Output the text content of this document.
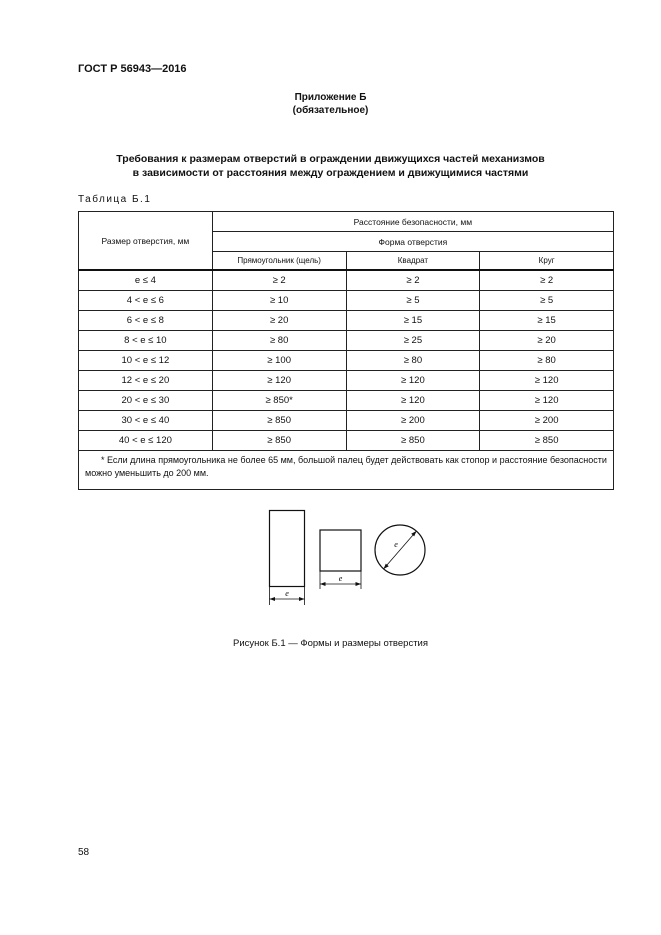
ГОСТ Р 56943—2016
Приложение Б
(обязательное)
Требования к размерам отверстий в ограждении движущихся частей механизмов
в зависимости от расстояния между ограждением и движущимися частями
Таблица Б.1
Размер отверстия, мм	Расстояние безопасности, мм		
	Форма отверстия		
	Прямоугольник (щель)	Квадрат	Круг
e ≤ 4	≥ 2	≥ 2	≥ 2
4 < e ≤ 6	≥ 10	≥ 5	≥ 5
6 < e ≤ 8	≥ 20	≥ 15	≥ 15
8 < e ≤ 10	≥ 80	≥ 25	≥ 20
10 < e ≤ 12	≥ 100	≥ 80	≥ 80
12 < e ≤ 20	≥ 120	≥ 120	≥ 120
20 < e ≤ 30	≥ 850*	≥ 120	≥ 120
30 < e ≤ 40	≥ 850	≥ 200	≥ 200
40 < e ≤ 120	≥ 850	≥ 850	≥ 850
* Если длина прямоугольника не более 65 мм, большой палец будет действовать как стопор и расстояние безопасности можно уменьшить до 200 мм.			
e
e
e
Рисунок Б.1 — Формы и размеры отверстия
58
